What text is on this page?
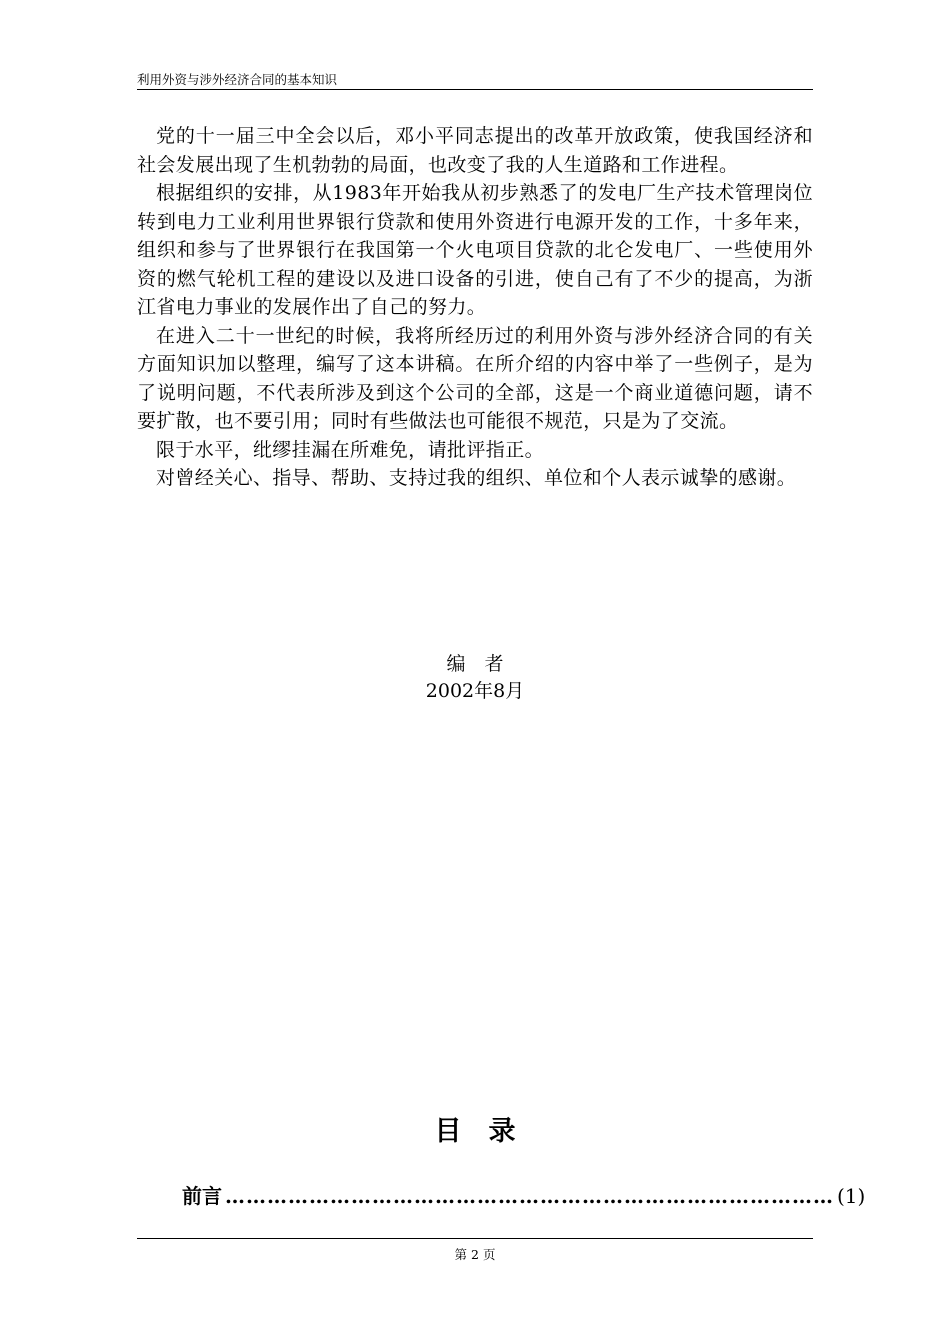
利用外资与涉外经济合同的基本知识

党的十一届三中全会以后，邓小平同志提出的改革开放政策，使我国经济和社会发展出现了生机勃勃的局面，也改变了我的人生道路和工作进程。

根据组织的安排，从1983年开始我从初步熟悉了的发电厂生产技术管理岗位转到电力工业利用世界银行贷款和使用外资进行电源开发的工作，十多年来，组织和参与了世界银行在我国第一个火电项目贷款的北仑发电厂、一些使用外资的燃气轮机工程的建设以及进口设备的引进，使自己有了不少的提高，为浙江省电力事业的发展作出了自己的努力。

在进入二十一世纪的时候，我将所经历过的利用外资与涉外经济合同的有关方面知识加以整理，编写了这本讲稿。在所介绍的内容中举了一些例子，是为了说明问题，不代表所涉及到这个公司的全部，这是一个商业道德问题，请不要扩散，也不要引用；同时有些做法也可能很不规范，只是为了交流。

限于水平，纰缪挂漏在所难免，请批评指正。

对曾经关心、指导、帮助、支持过我的组织、单位和个人表示诚挚的感谢。

编　者
2002年8月
目　录
前言 …………………………………………………………………………… (1)
第 2 页
